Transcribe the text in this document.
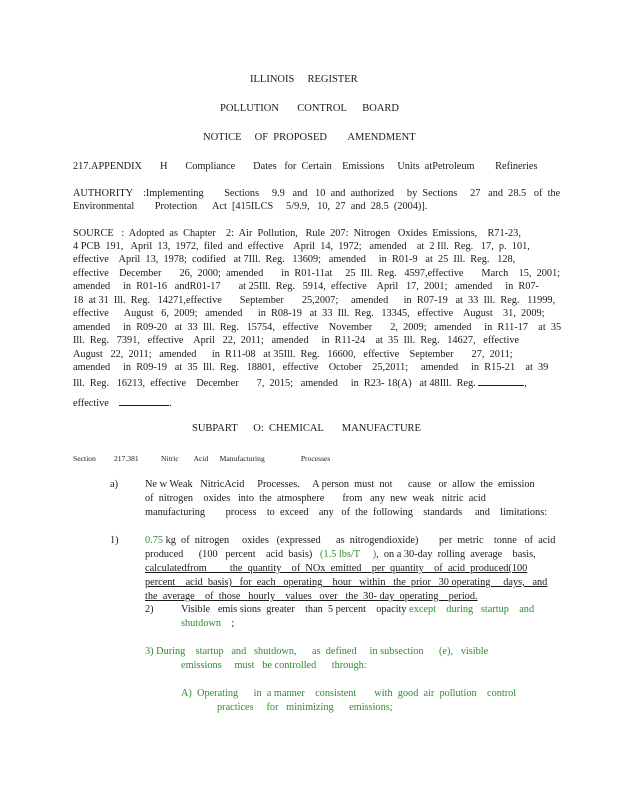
ILLINOIS     REGISTER
POLLUTION       CONTROL      BOARD
NOTICE     OF  PROPOSED        AMENDMENT
217.APPENDIX       H       Compliance       Dates   for  Certain    Emissions     Units  atPetroleum        Refineries
AUTHORITY    :Implementing        Sections     9.9   and   10  and  authorized     by  Sections     27   and  28.5   of  the
Environmental        Protection      Act  [415ILCS     5/9.9,   10,  27  and  28.5  (2004)].
SOURCE   :  Adopted  as  Chapter    2:  Air  Pollution,   Rule  207:  Nitrogen   Oxides  Emissions,    R71-23,
4 PCB  191,   April  13,  1972,  filed  and  effective    April  14,  1972;   amended    at  2 Ill.  Reg.   17,  p.  101,
effective    April  13,  1978;  codified   at 7Ill.  Reg.   13609;   amended     in  R01-9   at  25  Ill.  Reg.   128,
effective    December       26,  2000;  amended       in  R01-11at     25  Ill.  Reg.   4597,effective       March    15,  2001;
amended     in  R01-16   andR01-17       at 25Ill.  Reg.   5914,  effective    April   17,  2001;   amended     in  R07-
18  at 31  Ill.  Reg.   14271,effective       September       25,2007;     amended      in  R07-19   at  33  Ill.  Reg.   11999,
effective      August   6,  2009;   amended      in  R08-19   at  33  Ill.  Reg.   13345,   effective    August    31,  2009;
amended     in  R09-20   at  33  Ill.  Reg.   15754,   effective    November       2,  2009;   amended     in  R11-17    at  35
Ill.  Reg.   7391,   effective    April   22,  2011;   amended     in  R11-24    at  35  Ill.  Reg.   14627,   effective
August   22,  2011;   amended      in  R11-08   at 35Ill.  Reg.   16600,   effective    September       27,  2011;
amended     in  R09-19   at  35  Ill.  Reg.   18801,   effective    October    25,2011;     amended     in  R15-21    at  39
Ill.  Reg.   16213,  effective    December       7,  2015;   amended     in  R23- 18(A)   at 48Ill.  Reg.	,
effective	.
SUBPART      O:  CHEMICAL       MANUFACTURE
Section 217.381	Nitric        Acid      Manufacturing                   Processes
a)	Ne w Weak   NitricAcid     Processes.     A person  must  not      cause   or  allow  the  emission
of  nitrogen    oxides   into  the  atmosphere       from   any  new  weak   nitric  acid
manufacturing        process    to  exceed    any   of  the  following    standards     and    limitations:
1)	0.75 kg  of  nitrogen     oxides   (expressed      as  nitrogendioxide)        per  metric    tonne   of  acid
produced      (100   percent    acid  basis)   (1.5 lbs/T     ),  on a 30-day  rolling  average    basis,
calculatedfrom         the  quantity    of  NOx  emitted    per  quantity    of  acid  produced(100
percent    acid  basis)   for  each   operating    hour   within   the  prior   30 operating     days,   and
the  average    of  those   hourly    values   over   the  30- day  operating    period.
2)	Visible   emis sions  greater    than  5 percent    opacity except    during   startup    and
shutdown    ;
3) During    startup   and   shutdown,      as  defined     in subsection      (e),   visible
emissions     must   be controlled      through:
A)  Operating      in  a manner    consistent       with  good  air  pollution    control
practices     for   minimizing      emissions;
